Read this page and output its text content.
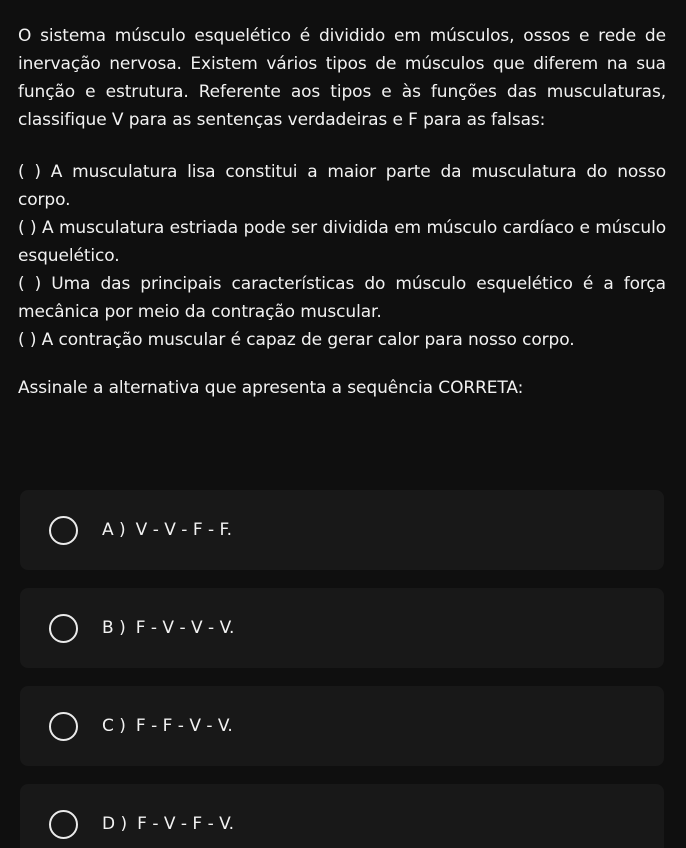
O sistema músculo esquelético é dividido em músculos, ossos e rede de inervação nervosa. Existem vários tipos de músculos que diferem na sua função e estrutura. Referente aos tipos e às funções das musculaturas, classifique V para as sentenças verdadeiras e F para as falsas:

( ) A musculatura lisa constitui a maior parte da musculatura do nosso corpo.

( ) A musculatura estriada pode ser dividida em músculo cardíaco e músculo esquelético.

( ) Uma das principais características do músculo esquelético é a força mecânica por meio da contração muscular.

( ) A contração muscular é capaz de gerar calor para nosso corpo.

Assinale a alternativa que apresenta a sequência CORRETA:

A ) V - V - F - F.
B ) F - V - V - V.
C ) F - F - V - V.
D ) F - V - F - V.
